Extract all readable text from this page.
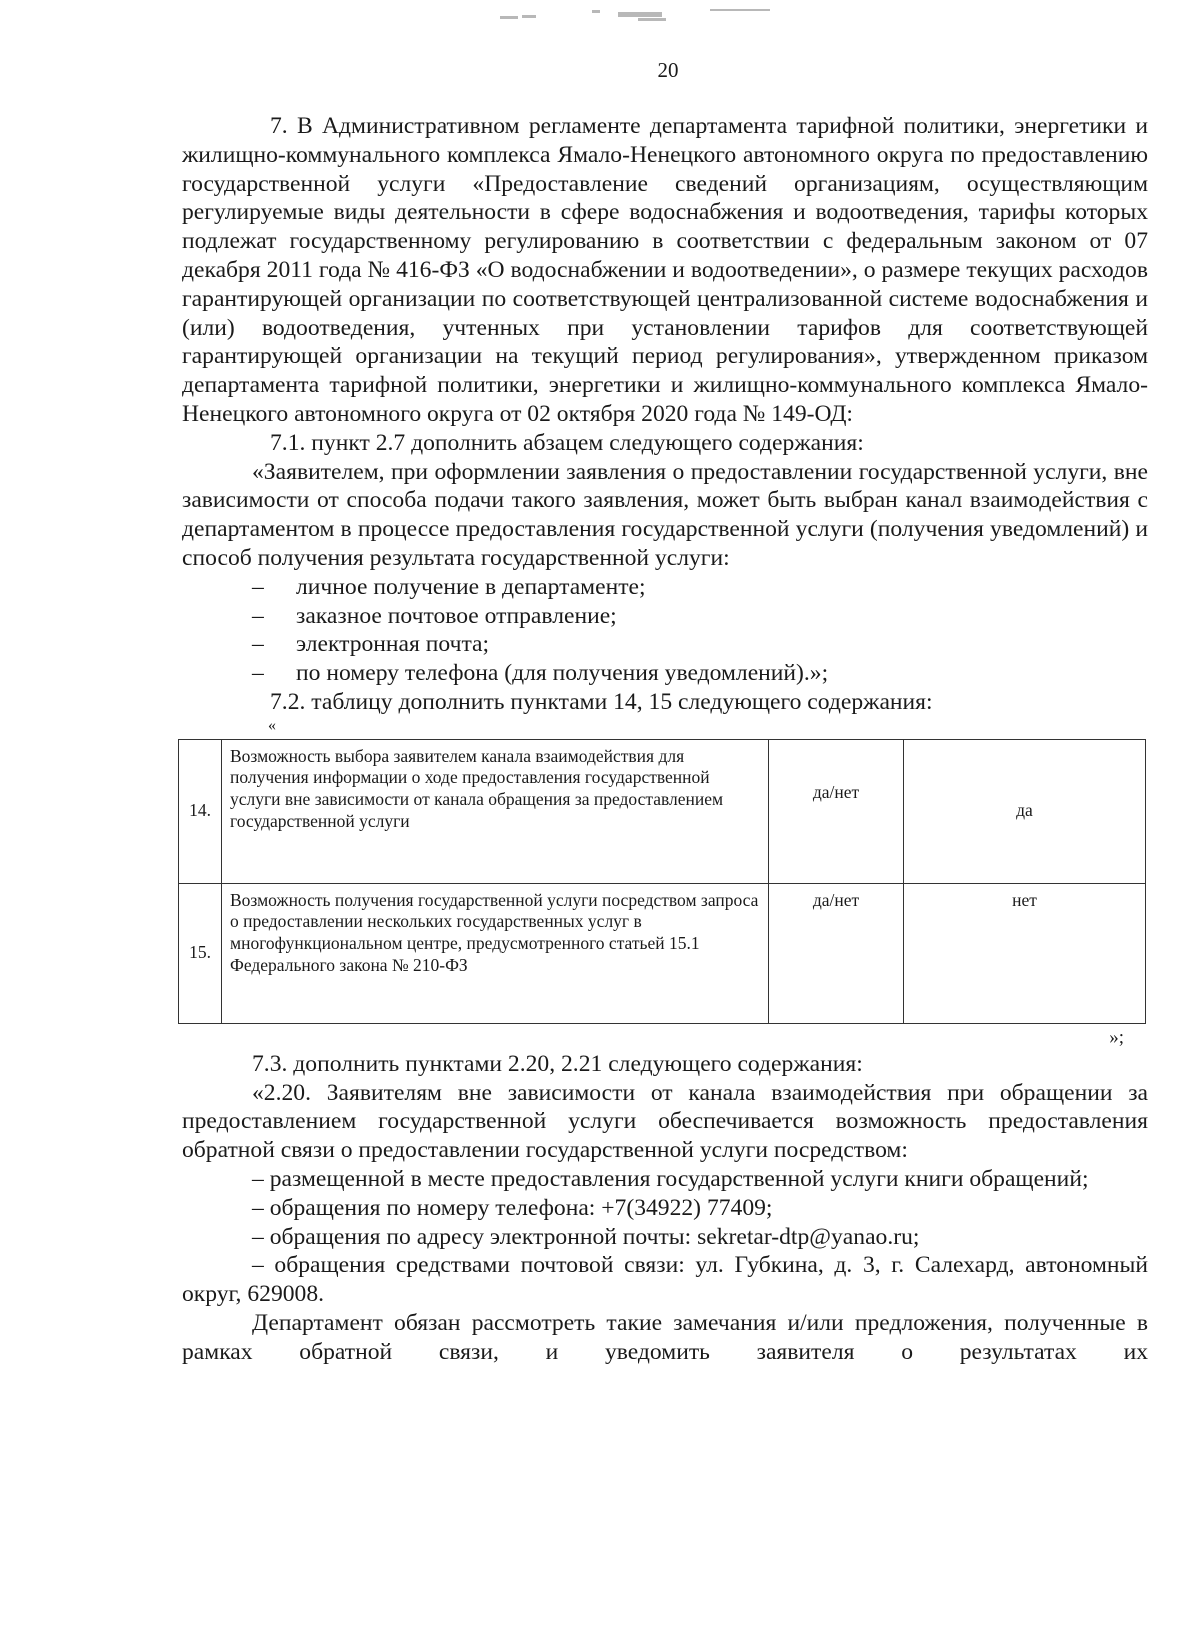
20

7. В Административном регламенте департамента тарифной политики, энергетики и жилищно-коммунального комплекса Ямало-Ненецкого автономного округа по предоставлению государственной услуги «Предоставление сведений организациям, осуществляющим регулируемые виды деятельности в сфере водоснабжения и водоотведения, тарифы которых подлежат государственному регулированию в соответствии с федеральным законом от 07 декабря 2011 года № 416-ФЗ «О водоснабжении и водоотведении», о размере текущих расходов гарантирующей организации по соответствующей централизованной системе водоснабжения и (или) водоотведения, учтенных при установлении тарифов для соответствующей гарантирующей организации на текущий период регулирования», утвержденном приказом департамента тарифной политики, энергетики и жилищно-коммунального комплекса Ямало-Ненецкого автономного округа от 02 октября 2020 года № 149-ОД:

7.1. пункт 2.7 дополнить абзацем следующего содержания:

«Заявителем, при оформлении заявления о предоставлении государственной услуги, вне зависимости от способа подачи такого заявления, может быть выбран канал взаимодействия с департаментом в процессе предоставления государственной услуги (получения уведомлений) и способ получения результата государственной услуги:

– личное получение в департаменте;

– заказное почтовое отправление;

– электронная почта;

– по номеру телефона (для получения уведомлений).»;

7.2. таблицу дополнить пунктами 14, 15 следующего содержания:

«

14.	Возможность выбора заявителем канала взаимодействия для получения информации о ходе предоставления государственной услуги вне зависимости от канала обращения за предоставлением государственной услуги	да/нет	да
15.	Возможность получения государственной услуги посредством запроса о предоставлении нескольких государственных услуг в многофункциональном центре, предусмотренного статьей 15.1 Федерального закона № 210-ФЗ	да/нет	нет

»;

7.3. дополнить пунктами 2.20, 2.21 следующего содержания:

«2.20. Заявителям вне зависимости от канала взаимодействия при обращении за предоставлением государственной услуги обеспечивается возможность предоставления обратной связи о предоставлении государственной услуги посредством:

– размещенной в месте предоставления государственной услуги книги обращений;

– обращения по номеру телефона: +7(34922) 77409;

– обращения по адресу электронной почты: sekretar-dtp@yanao.ru;

– обращения средствами почтовой связи: ул. Губкина, д. 3, г. Салехард, автономный округ, 629008.

Департамент обязан рассмотреть такие замечания и/или предложения, полученные в рамках обратной связи, и уведомить заявителя о результатах их
